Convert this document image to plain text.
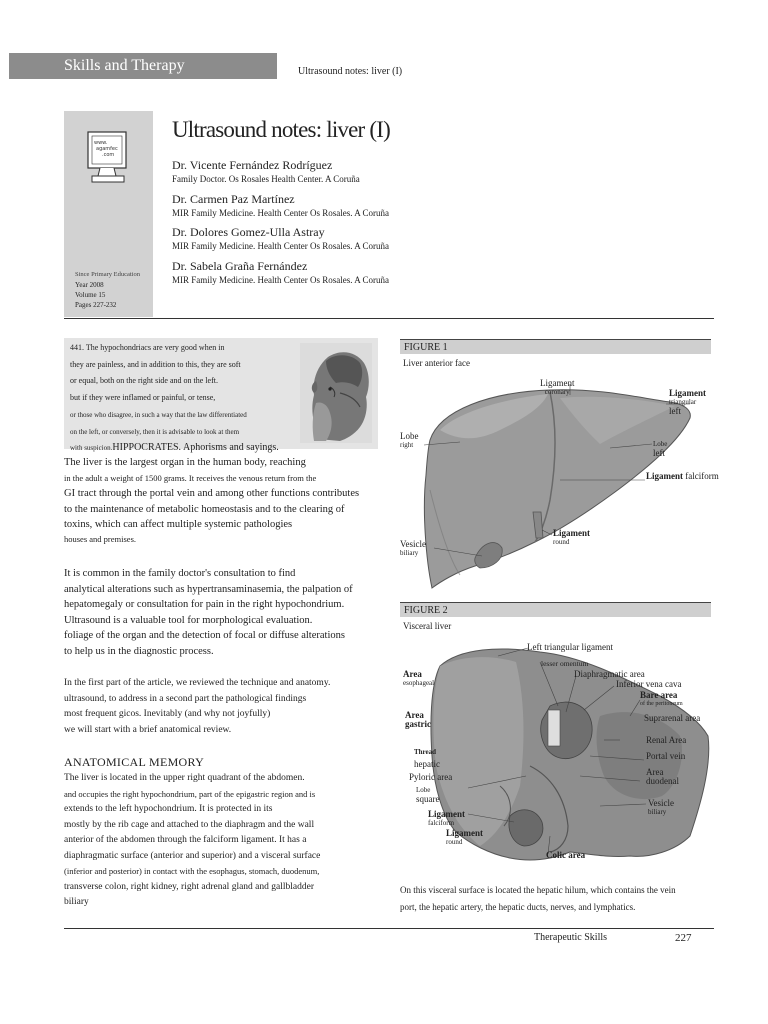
Skills and Therapy	Ultrasound notes: liver (I)
www.
agamfec
.com
Since Primary Education
Year 2008
Volume 15
Pages 227-232
Ultrasound notes: liver (I)
Dr. Vicente Fernández Rodríguez
Family Doctor. Os Rosales Health Center. A Coruña
Dr. Carmen Paz Martínez
MIR Family Medicine. Health Center Os Rosales. A Coruña
Dr. Dolores Gomez-Ulla Astray
MIR Family Medicine. Health Center Os Rosales. A Coruña
Dr. Sabela Graña Fernández
MIR Family Medicine. Health Center Os Rosales. A Coruña
441. The hypochondriacs are very good when in
they are painless, and in addition to this, they are soft
or equal, both on the right side and on the left.
but if they were inflamed or painful, or tense,
or those who disagree, in such a way that the law differentiated
on the left, or conversely, then it is advisable to look at them
with suspicion.HIPPOCRATES. Aphorisms and sayings.
The liver is the largest organ in the human body, reaching
in the adult a weight of 1500 grams. It receives the venous return from the
GI tract through the portal vein and among other functions contributes
to the maintenance of metabolic homeostasis and to the clearing of
toxins, which can affect multiple systemic pathologies
houses and premises.
It is common in the family doctor's consultation to find
analytical alterations such as hypertransaminasemia, the palpation of
hepatomegaly or consultation for pain in the right hypochondrium.
Ultrasound is a valuable tool for morphological evaluation.
foliage of the organ and the detection of focal or diffuse alterations
to help us in the diagnostic process.
In the first part of the article, we reviewed the technique and anatomy.
ultrasound, to address in a second part the pathological findings
most frequent gicos. Inevitably (and why not joyfully)
we will start with a brief anatomical review.
ANATOMICAL MEMORY
The liver is located in the upper right quadrant of the abdomen.
and occupies the right hypochondrium, part of the epigastric region and is
extends to the left hypochondrium. It is protected in its
mostly by the rib cage and attached to the diaphragm and the wall
anterior of the abdomen through the falciform ligament. It has a
diaphragmatic surface (anterior and superior) and a visceral surface
(inferior and posterior) in contact with the esophagus, stomach, duodenum,
transverse colon, right kidney, right adrenal gland and gallbladder
biliary
FIGURE 1
Liver anterior face
Ligament
coronary	Ligament
triangular
left
Lobe
right	Lobe
left
Ligament falciform
Ligament
round
Vesicle
biliary
FIGURE 2
Visceral liver
Left triangular ligament
lesser omentum
Diaphragmatic area
Inferior vena cava
Bare area
of the peritoneum
Area
esophageal
Suprarenal area
Area
gastric
Renal Area
Thread
hepatic
Portal vein
Pyloric area	Area
duodenal
Lobe
square	Vesicle
biliary
Ligament
falciform
Ligament
round
Colic area
On this visceral surface is located the hepatic hilum, which contains the vein
port, the hepatic artery, the hepatic ducts, nerves, and lymphatics.
Therapeutic Skills	227
